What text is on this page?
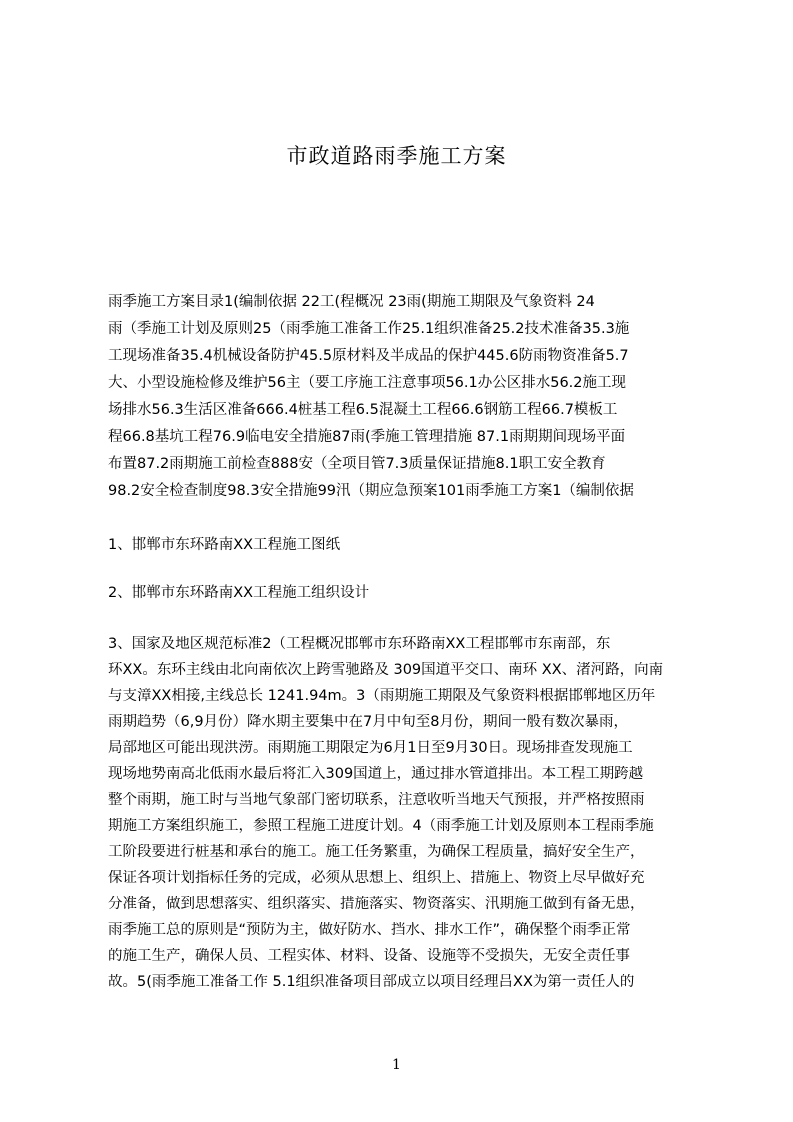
市政道路雨季施工方案
雨季施工方案目录1(编制依据 22工(程概况 23雨(期施工期限及气象资料 24
雨（季施工计划及原则25（雨季施工准备工作25.1组织准备25.2技术准备35.3施
工现场准备35.4机械设备防护45.5原材料及半成品的保护445.6防雨物资准备5.7
大、小型设施检修及维护56主（要工序施工注意事项56.1办公区排水56.2施工现
场排水56.3生活区准备666.4桩基工程6.5混凝土工程66.6钢筋工程66.7模板工
程66.8基坑工程76.9临电安全措施87雨(季施工管理措施 87.1雨期期间现场平面
布置87.2雨期施工前检查888安（全项目管7.3质量保证措施8.1职工安全教育
98.2安全检查制度98.3安全措施99汛（期应急预案101雨季施工方案1（编制依据
1、邯郸市东环路南XX工程施工图纸
2、邯郸市东环路南XX工程施工组织设计
3、国家及地区规范标准2（工程概况邯郸市东环路南XX工程邯郸市东南部，东
环XX。东环主线由北向南依次上跨雪驰路及 309国道平交口、南环 XX、渚河路，向南
与支漳XX相接,主线总长 1241.94m。3（雨期施工期限及气象资料根据邯郸地区历年
雨期趋势（6,9月份）降水期主要集中在7月中旬至8月份，期间一般有数次暴雨，
局部地区可能出现洪涝。雨期施工期限定为6月1日至9月30日。现场排查发现施工
现场地势南高北低雨水最后将汇入309国道上，通过排水管道排出。本工程工期跨越
整个雨期，施工时与当地气象部门密切联系，注意收听当地天气预报，并严格按照雨
期施工方案组织施工，参照工程施工进度计划。4（雨季施工计划及原则本工程雨季施
工阶段要进行桩基和承台的施工。施工任务繁重，为确保工程质量，搞好安全生产，
保证各项计划指标任务的完成，必须从思想上、组织上、措施上、物资上尽早做好充
分准备，做到思想落实、组织落实、措施落实、物资落实、汛期施工做到有备无患，
雨季施工总的原则是“预防为主，做好防水、挡水、排水工作”，确保整个雨季正常
的施工生产，确保人员、工程实体、材料、设备、设施等不受损失，无安全责任事
故。5(雨季施工准备工作 5.1组织准备项目部成立以项目经理吕XX为第一责任人的
1
